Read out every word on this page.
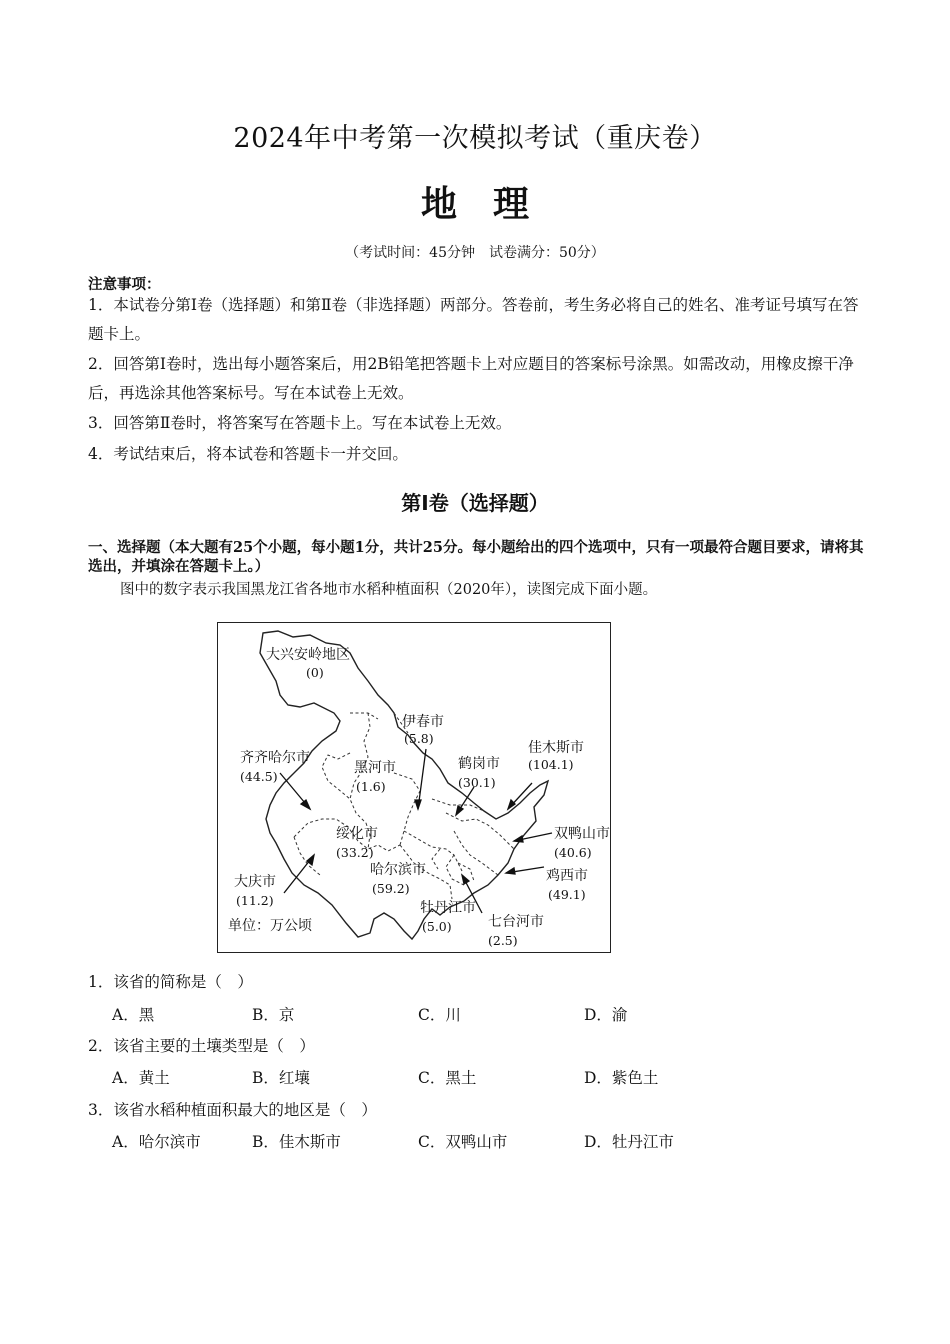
2024年中考第一次模拟考试（重庆卷）
地理
（考试时间：45分钟　试卷满分：50分）
注意事项：
1．本试卷分第Ⅰ卷（选择题）和第Ⅱ卷（非选择题）两部分。答卷前，考生务必将自己的姓名、准考证号填写在答题卡上。
2．回答第Ⅰ卷时，选出每小题答案后，用2B铅笔把答题卡上对应题目的答案标号涂黑。如需改动，用橡皮擦干净后，再选涂其他答案标号。写在本试卷上无效。
3．回答第Ⅱ卷时，将答案写在答题卡上。写在本试卷上无效。
4．考试结束后，将本试卷和答题卡一并交回。
第Ⅰ卷（选择题）
一、选择题（本大题有25个小题，每小题1分，共计25分。每小题给出的四个选项中，只有一项最符合题目要求，请将其选出，并填涂在答题卡上。）
图中的数字表示我国黑龙江省各地市水稻种植面积（2020年），读图完成下面小题。
大兴安岭地区
(0)
伊春市
(5.8)
佳木斯市
(104.1)
齐齐哈尔市
(44.5)
黑河市
(1.6)
鹤岗市
(30.1)
双鸭山市
(40.6)
绥化市
(33.2)
哈尔滨市
(59.2)
鸡西市
(49.1)
大庆市
(11.2)	牡丹江市
(5.0)	七台河市
(2.5)
单位：万公顷
1．该省的简称是（　）
A．黑	B．京	C．川	D．渝
2．该省主要的土壤类型是（　）
A．黄土	B．红壤	C．黑土	D．紫色土
3．该省水稻种植面积最大的地区是（　）
A．哈尔滨市	B．佳木斯市	C．双鸭山市	D．牡丹江市
